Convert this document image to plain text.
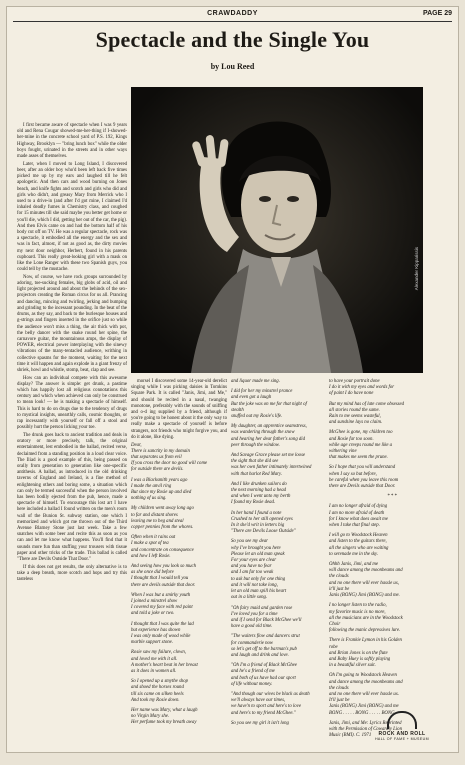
CRAWDADDY	PAGE 29
Spectacle and the Single You
by Lou Reed

I first became aware of spectacle when I was 9 years old and Rena Cougar showed-me-her-thing if I-showed-her-mine in the concrete school yard of P.S. 192, Kings Highway, Brooklyn — "bring lunch box" while the older boys fought, urinated in the streets and in other ways made asses of themselves.

Later, when I moved to Long Island, I discovered beer, after an older boy who'd been left back five times picked me up by my ears and laughed till he felt apologetic. And then cars and wood burning on Jones beach, and knife fights and scotch and girls who did and girls who didn't, and greasy Mary from Merrick who I used to a drive-in (and after I'd got mine, I claimed I'd inhaled deadly fumes in Chemistry class, and coughed for 15 minutes till she said maybe you better get home or you'll die, which I did, getting her out of the car, the pig). And then Elvis came on and had the bottom half of his body cut off on TV. He was a regular spectacle, rock was a spectacle, it embodied all the energy and the sex and was in fact, almost, if not as good as, the dirty movies my next door neighbor, Herbert, found in his parents cupboard. This really great-looking girl with a mask on like the Lone Ranger with these two Spanish guys, you could tell by the mustache.

Now, of course, we have rock groups surrounded by adoring, toe-sucking females, big globs of acid, oil and light projected around and about the behinds of the sex-projectors creating the Roman circus for us all. Prancing and dancing, mincing and twirling, jerking and bumping and grinding to the incessant pounding. In the beat of the drums, as they say, and back to the burlesque houses and g-strings and fingers inserted in the orifice just so while the audience won't miss a thing, the air thick with pot, the belly dancer with the snake round her spine, the carnavore guitar, the mountainous amps, the display of POWER, electrical power interplaying with the sinewy vibrations of the many-tentacled audience, writhing in collective spasms for the moment, waiting for the next time it will happen and again explode in a giant frenzy of shriek, howl and whistle, stomp, beat, clap and see.

How can an individual compete with this awesome display? The answer is simple: get drunk, a pastime which has happily lost all religious connotations this century and which when achieved can only be construed to mean look! — he is making a spectacle of himself. This is hard to do on drugs due to the tendency of drugs to mystical insights, unearthly calls, cosmic thoughts, or rap incessantly with yourself or fall off a stool and possibly hurt the person licking your toe.

The drunk goes back to ancient tradition and deals in oratory or more precisely, talk, the original entertainment, lest embodied in the ballad, recited verse, declaimed from a standing position in a loud clear voice. The Iliad is a good example of this, being passed on orally from generation to generation like one-specific antithesis. A ballad, as introduced in the old drinking taverns of England and Ireland, is a fine method of enlightening others and boring some, a situation which can only be termed successful when the person involved has been bodily ejected from the pub, hence, made a spectacle of himself. To encourage this lost art I have here included a ballad I found written on the men's room wall of the Bunion St. subway station, one which I memorized and which got me thrown out of the Third Avenue Blarney Stone just last week. Take a few snatches with some beer and recite this as soon as you can and let me know what happens. You'll find that it sounds more fun than stuffing your trousers with tissue paper and other tricks of the trade. This ballad is called "There are Devils Outside That Door."

If this does not get results, the only alternative is to take a deep breath, more scotch and hops and try this tasteless

Alexander Kipparissis

morsel I discovered some 14-year-old derelict singing while I was picking daisies in Tomkins Square Park. It is called "Janis, Jimi, and Me," and should be recited in a nasal, twanging monotone, preferably with the sounds of sniffing and o-d ing supplied by a friend, although if you're going to be honest about it the only way to really make a spectacle of yourself is before strangers, not friends who might forgive you, and do it alone, like dying.

Dear,
There is sanctity in my domain
that separates us from evil
If you cross the door no good will come
for outside there are devils.

I was a Blacksmith years ago
I made the anvil ring
But since my Rosie up and died
nothing of us sing.

My children went away long ago
to far and distant shores
leaving me to beg and steal
copper pennies from the whores.

Often when it rains out
I make a spot of tea
and concentrate on consequence
and how I left Rosie.

And seeing how you look so much
as she once did before
I thought that I would tell you
there are devils outside that door.

When I was but a smirky youth
I joined a minstrel show
I covered my face with red paint
and told a joke or two.

I thought that I was quite the lad
but experience has shown
I was only made of wood while
marble support stone.

Rosie saw my failure, clown,
and loved me with it all.
A mother's heart beat in her breast
as it does in women all.

So I opened up a smythe shop
and shoed the horses round
till six came on silken heels
And took my Rosie down.

Her name was Mary, what a laugh
no Virgin Mary she.
Her perfume took my breath away

and liquor made me sing.

I did for her my minstrel prance
and even got a laugh
But the joke was on me for that night of
stealth
snuffed out my Rosie's life.

My daughter, an apprentice seamstress,
was wandering through the snow
and hearing her dear father's song did
peer through the window.

And Savage Grace please set me loose
the sight that she did see
was her own father intimately intertwined
with that harlot Red Mary.

And I like drunken sailors do
the next morning had a head
and when I went unto my berth
I found my Rosie dead.

In her hand I found a note
Crushed to her still opened eyes
In it she'd writ in letters big
"There are Devils Loose Outside"

So you see my dear
why I've brought you here
Please let an old man speak
For your eyes are clear
and you have no fear
and I am far too weak
to ask but only for one thing
and it will not take long,
let an old man spill his heart
out in a little song.

"Oh fairy maid and garden rose
I've loved you for a time
and if I send for Black McGhee we'll
have a good old time.

"The waiters flow and dancers strut
for commanderie now
so let's get off to the barman's pub
and laugh and drink and love.

"Oh I'm a friend of Black McGhee
and he's a friend of me
and both of us have had our sport
of life without money.

"And though our wives be black as death
we'll always have our times,
we have'n to sport and here's to love
and here's to my friend McGhee."

So you see my girl it isn't long

to have your portrait done
I do it with my eyes and words for
of paint I do have none

But my mind has of late come obsessed
all stories round the same.
Rain to me seems wasteful,
and sunshine lays no claim.

McGhee is gone, my children too
and Rosie far too soon.
while age creeps round me like a
withering vine
that makes me seem the prune.

So I hope that you will understand
when I say so but before,
be careful when you leave this room
there are Devils outside that Door.

* * *

I am no longer afraid of dying
I am no more afraid of death
for I know what does await me
when I take that final step.

I will go to Woodstock Heaven
and listen to the guitars there,
all the singers who are waiting
to serenade me in the sky.

Ohhh Janis, Jimi, and me
will dance among the moonbeams and
the clouds
and no one there will ever hassle us,
it'll just be
Janis (BONG) Jimi (BONG) and me.

I no longer listen to the radio,
my favorite music is no more,
all the musicians are in the Woodstock
Choir
following the manic depressives lure.

There is Frankie Lymon in his Golden
robe
and Brian Jones is on the flute
and Baby Huey is softly playing
in a beautiful silver suit.

Oh I'm going to Woodstock Heaven
and dance among the moonbeams and
the clouds
and no one there will ever hassle us.
It'll just be
Janis (BONG) Jimi (BONG) and me
BONG . . . . . BONG . . . . . BONG

Janis, Jimi, and Me: Lyrics Reprinted
with the Permission of Cowardly Lion
Music (BMI). C. 1971	ROCK AND ROLL
HALL OF FAME + MUSEUM
